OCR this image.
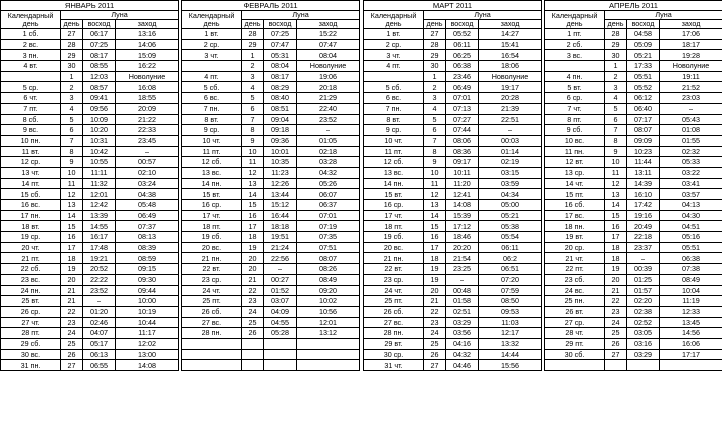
ЯНВАРЬ 2011			
Календарный день	Луна		
	день	восход	заход
1 сб.	27	06:17	13:16
2 вс.	28	07:25	14:06
3 пн.	29	08:17	15:09
4 вт.	30	08:55	16:22
	1	12:03	Новолуние
5 ср.	2	08:57	16:08
6 чт.	3	09:41	18:55
7 пт.	4	09:56	20:09
8 сб.	5	10:09	21:22
9 вс.	6	10:20	22:33
10 пн.	7	10:31	23:45
11 вт.	8	10:42	–
12 ср.	9	10:55	00:57
13 чт.	10	11:11	02:10
14 пт.	11	11:32	03:24
15 сб.	12	12:01	04:38
16 вс.	13	12:42	05:48
17 пн.	14	13:39	06:49
18 вт.	15	14:55	07:37
19 ср.	16	16:17	08:13
20 чт.	17	17:48	08:39
21 пт.	18	19:21	08:59
22 сб.	19	20:52	09:15
23 вс.	20	22:22	09:30
24 пн.	21	23:52	09:44
25 вт.	21	–	10:00
26 ср.	22	01:20	10:19
27 чт.	23	02:46	10:44
28 пт.	24	04:07	11:17
29 сб.	25	05:17	12:02
30 вс.	26	06:13	13:00
31 пн.	27	06:55	14:08
ФЕВРАЛЬ 2011			
Календарный день	Луна		
	день	восход	заход
1 вт.	28	07:25	15:22
2 ср.	29	07:47	07:47
3 чт.	1	05:31	08:04
	2	08:04	Новолуние
4 пт.	3	08:17	19:06
5 сб.	4	08:29	20:18
6 вс.	5	08:40	21:29
7 пн.	6	08:51	22:40
8 вт.	7	09:04	23:52
9 ср.	8	09:18	–
10 чт.	9	09:36	01:05
11 пт.	10	10:01	02:18
12 сб.	11	10:35	03:28
13 вс.	12	11:23	04:32
14 пн.	13	12:26	05:26
15 вт.	14	13:44	06:07
16 ср.	15	15:12	06:37
17 чт.	16	16:44	07:01
18 пт.	17	18:18	07:19
19 сб.	18	19:51	07:35
20 вс.	19	21:24	07:51
21 пн.	20	22:56	08:07
22 вт.	20	–	08:26
23 ср.	21	00:27	08:49
24 чт.	22	01:52	09:20
25 пт.	23	03:07	10:02
26 сб.	24	04:09	10:56
27 вс.	25	04:55	12:01
28 пн.	26	05:28	13:12

МАРТ 2011			
Календарный день	Луна		
	день	восход	заход
1 вт.	27	05:52	14:27
2 ср.	28	06:11	15:41
3 чт.	29	06:25	16:54
4 пт.	30	06:38	18:06
	1	23:46	Новолуние
5 сб.	2	06:49	19:17
6 вс.	3	07:01	20:28
7 пн.	4	07:13	21:39
8 вт.	5	07:27	22:51
9 ср.	6	07:44	–
10 чт.	7	08:06	00:03
11 пт.	8	08:36	01:14
12 сб.	9	09:17	02:19
13 вс.	10	10:11	03:15
14 пн.	11	11:20	03:59
15 вт.	12	12:41	04:34
16 ср.	13	14:08	05:00
17 чт.	14	15:39	05:21
18 пт.	15	17:12	05:38
19 сб.	16	18:46	05:54
20 вс.	17	20:20	06:11
21 пн.	18	21:54	06:2
22 вт.	19	23:25	06:51
23 ср.	19	–	07:20
24 чт.	20	00:48	07:59
25 пт.	21	01:58	08:50
26 сб.	22	02:51	09:53
27 вс.	23	03:29	11:03
28 пн.	24	03:56	12:17
29 вт.	25	04:16	13:32
30 ср.	26	04:32	14:44
31 чт.	27	04:46	15:56
АПРЕЛЬ 2011			
Календарный день	Луна		
	день	восход	заход
1 пт.	28	04:58	17:06
2 сб.	29	05:09	18:17
3 вс.	30	05:21	19:28
	1	17:33	Новолуние
4 пн.	2	05:51	19:11
5 вт.	3	05:52	21:52
6 ср.	4	06:12	23:03
7 чт.	5	06:40	–
8 пт.	6	07:17	05:43
9 сб.	7	08:07	01:08
10 вс.	8	09:09	01:55
11 пн.	9	10:23	02:32
12 вт.	10	11:44	05:33
13 ср.	11	13:11	03:22
14 чт.	12	14:39	03:41
15 пт.	13	16:10	03:57
16 сб.	14	17:42	04:13
17 вс.	15	19:16	04:30
18 пн.	16	20:49	04:51
19 вт.	17	22:18	05:16
20 ср.	18	23:37	05:51
21 чт.	18	–	06:38
22 пт.	19	00:39	07:38
23 сб.	20	01:25	08:49
24 вс.	21	01:57	10:04
25 пн.	22	02:20	11:19
26 вт.	23	02:38	12:33
27 ср.	24	02:52	13:45
28 чт.	25	03:05	14:56
29 пт.	26	03:16	16:06
30 сб.	27	03:29	17:17
